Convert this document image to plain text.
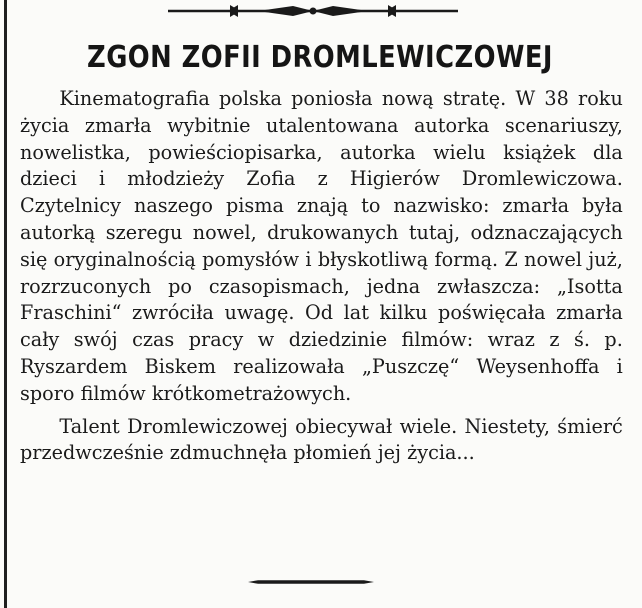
ZGON ZOFII DROMLEWICZOWEJ

Kinematografia polska poniosła nową stratę. W 38 roku życia zmarła wybitnie utalentowana autorka scenariuszy, nowelistka, powieściopisarka, autorka wielu książek dla dzieci i młodzieży Zofia z Higierów Dromlewiczowa. Czytelnicy naszego pisma znają to nazwisko: zmarła była autorką szeregu nowel, drukowanych tutaj, odznaczających się oryginalnością pomysłów i błyskotliwą formą. Z nowel już, rozrzuconych po czasopismach, jedna zwłaszcza: „Isotta Fraschini“ zwróciła uwagę. Od lat kilku poświęcała zmarła cały swój czas pracy w dziedzinie filmów: wraz z ś. p. Ryszardem Biskem realizowała „Puszczę“ Weysenhoffa i sporo filmów krótkometrażowych.

Talent Dromlewiczowej obiecywał wiele. Niestety, śmierć przedwcześnie zdmuchnęła płomień jej życia...
